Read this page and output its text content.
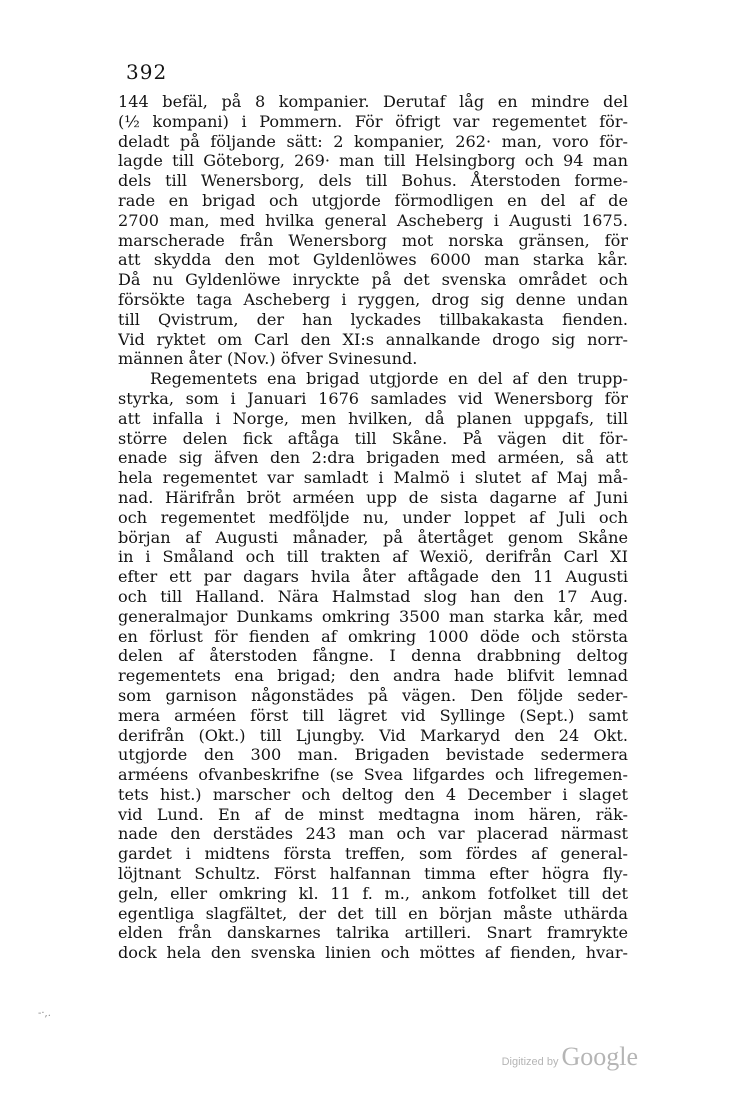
392
144 befäl, på 8 kompanier. Derutaf låg en mindre del
(½ kompani) i Pommern. För öfrigt var regementet för-
deladt på följande sätt: 2 kompanier, 262· man, voro för-
lagde till Göteborg, 269· man till Helsingborg och 94 man
dels till Wenersborg, dels till Bohus. Återstoden forme-
rade en brigad och utgjorde förmodligen en del af de
2700 man, med hvilka general Ascheberg i Augusti 1675.
marscherade från Wenersborg mot norska gränsen, för
att skydda den mot Gyldenlöwes 6000 man starka kår.
Då nu Gyldenlöwe inryckte på det svenska området och
försökte taga Ascheberg i ryggen, drog sig denne undan
till Qvistrum, der han lyckades tillbakakasta fienden.
Vid ryktet om Carl den XI:s annalkande drogo sig norr-
männen åter (Nov.) öfver Svinesund.
Regementets ena brigad utgjorde en del af den trupp-
styrka, som i Januari 1676 samlades vid Wenersborg för
att infalla i Norge, men hvilken, då planen uppgafs, till
större delen fick aftåga till Skåne. På vägen dit för-
enade sig äfven den 2:dra brigaden med arméen, så att
hela regementet var samladt i Malmö i slutet af Maj må-
nad. Härifrån bröt arméen upp de sista dagarne af Juni
och regementet medföljde nu, under loppet af Juli och
början af Augusti månader, på återtåget genom Skåne
in i Småland och till trakten af Wexiö, derifrån Carl XI
efter ett par dagars hvila åter aftågade den 11 Augusti
och till Halland. Nära Halmstad slog han den 17 Aug.
generalmajor Dunkams omkring 3500 man starka kår, med
en förlust för fienden af omkring 1000 döde och största
delen af återstoden fångne. I denna drabbning deltog
regementets ena brigad; den andra hade blifvit lemnad
som garnison någonstädes på vägen. Den följde seder-
mera arméen först till lägret vid Syllinge (Sept.) samt
derifrån (Okt.) till Ljungby. Vid Markaryd den 24 Okt.
utgjorde den 300 man. Brigaden bevistade sedermera
arméens ofvanbeskrifne (se Svea lifgardes och lifregemen-
tets hist.) marscher och deltog den 4 December i slaget
vid Lund. En af de minst medtagna inom hären, räk-
nade den derstädes 243 man och var placerad närmast
gardet i midtens första treffen, som fördes af general-
löjtnant Schultz. Först halfannan timma efter högra fly-
geln, eller omkring kl. 11 f. m., ankom fotfolket till det
egentliga slagfältet, der det till en början måste uthärda
elden från danskarnes talrika artilleri. Snart framrykte
dock hela den svenska linien och möttes af fienden, hvar-
-·,.
Digitized by Google
